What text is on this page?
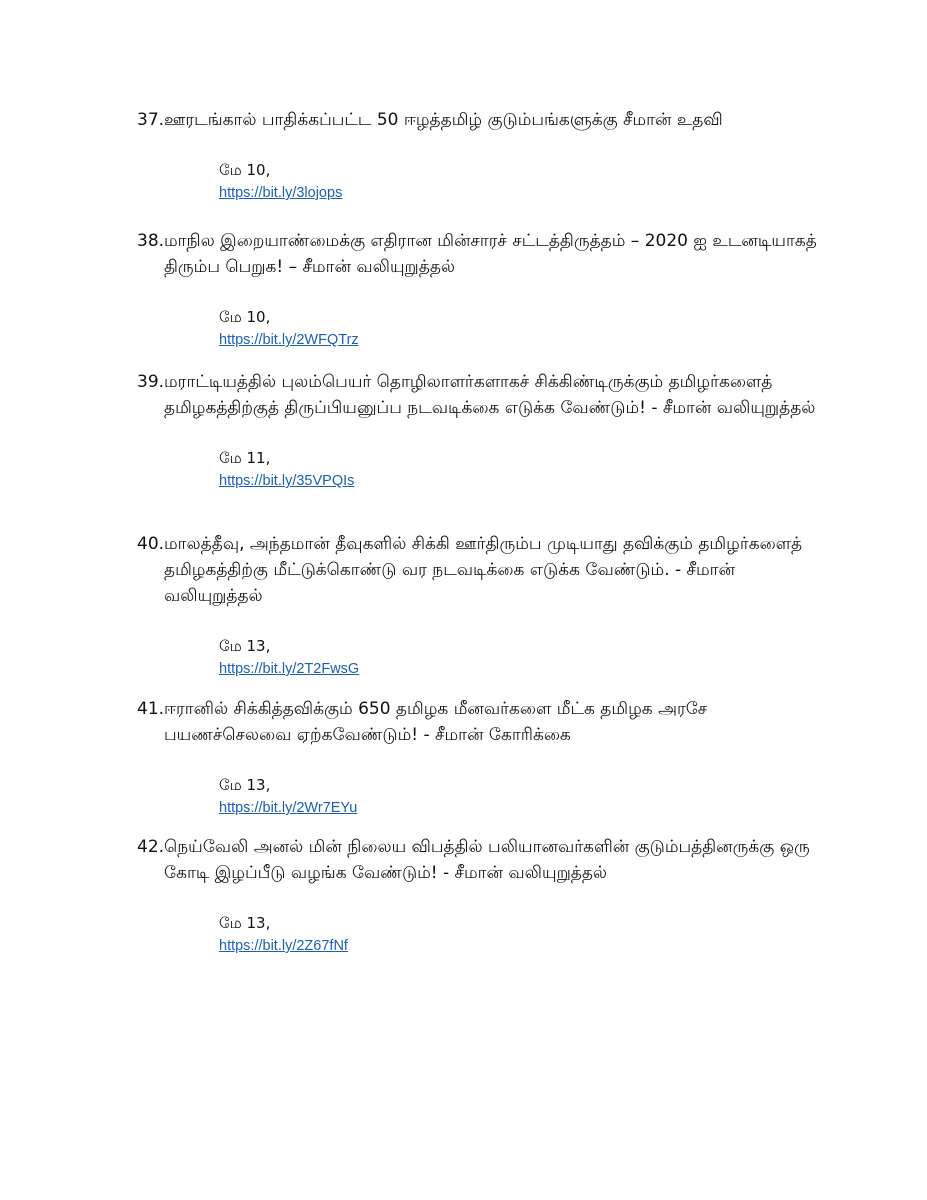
37. ஊரடங்கால் பாதிக்கப்பட்ட 50 ஈழத்தமிழ் குடும்பங்களுக்கு சீமான் உதவி
மே 10,
https://bit.ly/3lojops
38. மாநில இறையாண்மைக்கு எதிரான மின்சாரச் சட்டத்திருத்தம் – 2020 ஐ உடனடியாகத் திரும்ப பெறுக! – சீமான் வலியுறுத்தல்
மே 10,
https://bit.ly/2WFQTrz
39. மராட்டியத்தில் புலம்பெயர் தொழிலாளர்களாகச் சிக்கிண்டிருக்கும் தமிழர்களைத் தமிழகத்திற்குத் திருப்பியனுப்ப நடவடிக்கை எடுக்க வேண்டும்! - சீமான் வலியுறுத்தல்
மே 11,
https://bit.ly/35VPQIs
40. மாலத்தீவு, அந்தமான் தீவுகளில் சிக்கி ஊர்திரும்ப முடியாது தவிக்கும் தமிழர்களைத் தமிழகத்திற்கு மீட்டுக்கொண்டு வர நடவடிக்கை எடுக்க வேண்டும். - சீமான் வலியுறுத்தல்
மே 13,
https://bit.ly/2T2FwsG
41. ஈரானில் சிக்கித்தவிக்கும் 650 தமிழக மீனவர்களை மீட்க தமிழக அரசே பயணச்செலவை ஏற்கவேண்டும்! - சீமான் கோரிக்கை
மே 13,
https://bit.ly/2Wr7EYu
42. நெய்வேலி அனல் மின் நிலைய விபத்தில் பலியானவர்களின் குடும்பத்தினருக்கு ஒரு கோடி இழப்பீடு வழங்க வேண்டும்! - சீமான் வலியுறுத்தல்
மே 13,
https://bit.ly/2Z67fNf
